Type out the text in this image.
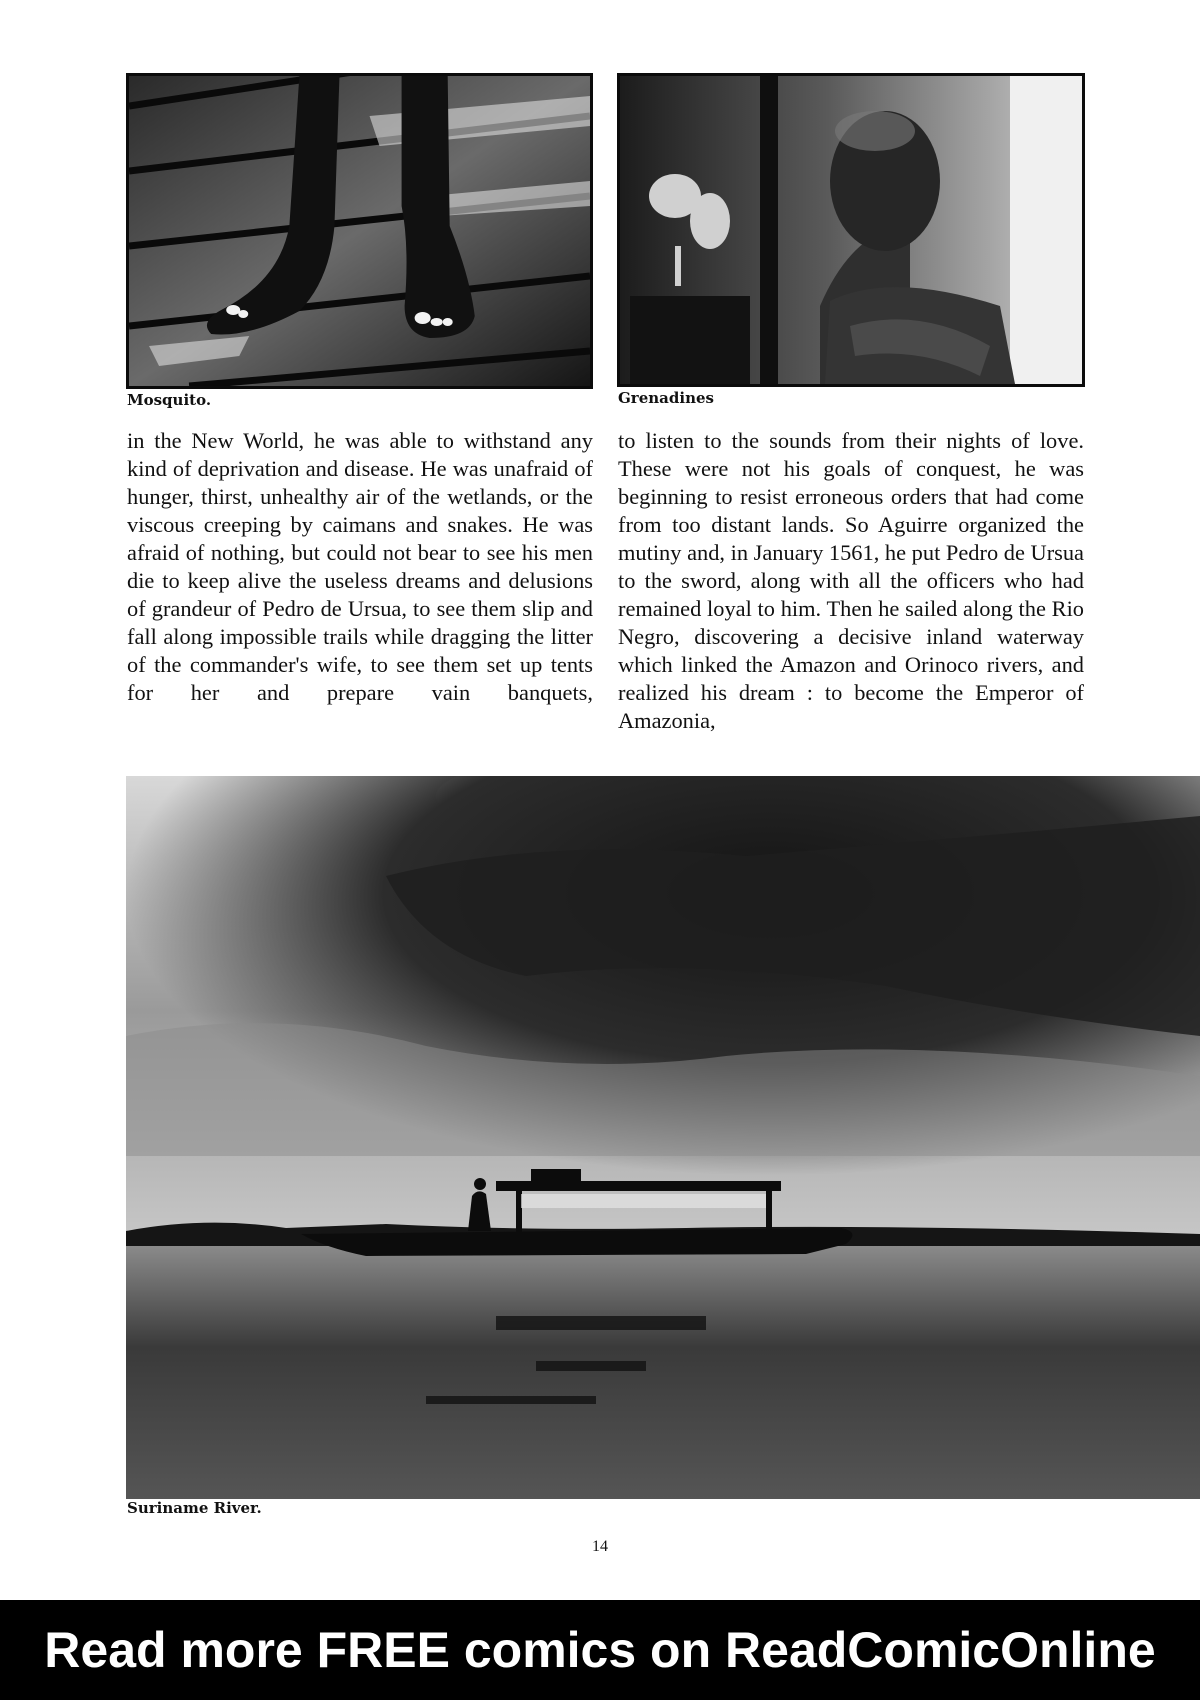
Mosquito.	Grenadines

in the New World, he was able to withstand any kind of deprivation and disease. He was unafraid of hunger, thirst, unhealthy air of the wetlands, or the viscous creeping by caimans and snakes. He was afraid of nothing, but could not bear to see his men die to keep alive the useless dreams and delusions of grandeur of Pedro de Ursua, to see them slip and fall along impossible trails while dragging the litter of the commander's wife, to see them set up tents for her and prepare vain banquets,

to listen to the sounds from their nights of love. These were not his goals of conquest, he was beginning to resist erroneous orders that had come from too distant lands. So Aguirre organized the mutiny and, in January 1561, he put Pedro de Ursua to the sword, along with all the officers who had remained loyal to him. Then he sailed along the Rio Negro, discovering a decisive inland waterway which linked the Amazon and Orinoco rivers, and realized his dream : to become the Emperor of Amazonia,

Suriname River.

14
Read more FREE comics on ReadComicOnline
